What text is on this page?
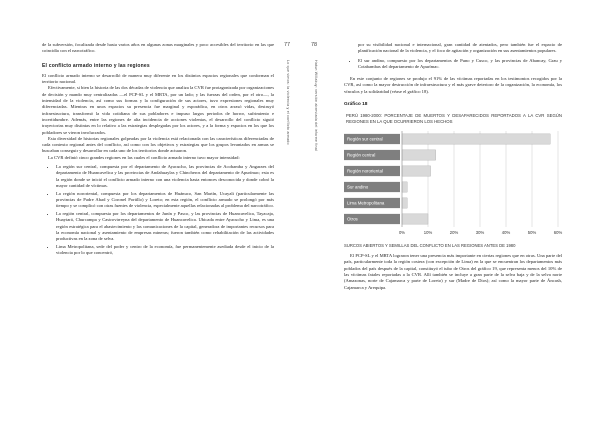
77
Lo que vimos: la violencia y el conflicto armado

de la subversión, focalizada desde hasta varios años en algunas zonas marginales y poco accesibles del territorio en las que coincidía con el narcotráfico.

El conflicto armado interno y las regiones

El conflicto armado interno se desarrolló de manera muy diferente en los distintos espacios regionales que conforman el territorio nacional.

Efectivamente, si bien la historia de las dos décadas de violencia que analiza la CVR fue protagonizada por organizaciones de decisión y mando muy centralizadas —el PCP-SL y el MRTA, por un lado; y las fuerzas del orden, por el otro—, la intensidad de la violencia, así como sus formas y la configuración de sus actores, tuvo expresiones regionales muy diferenciadas. Mientras en unos espacios su presencia fue marginal y esporádica, en otros arrasó vidas, destruyó infraestructura, transformó la vida cotidiana de sus pobladores e impuso largos periodos de horror, sufrimiento e incertidumbre. Además, entre las regiones de alta incidencia de acciones violentas, el desarrollo del conflicto siguió trayectorias muy distintas en lo relativo a las estrategias desplegadas por los actores, y a la forma y espacios en los que los pobladores se vieron involucrados.

Esta diversidad de historias regionales golpeadas por la violencia está relacionada con las características diferenciadas de cada contexto regional antes del conflicto, así como con los objetivos y estrategias que los grupos levantados en armas se buscaban conseguir y desarrollar en cada uno de los territorios donde actuaron.

La CVR definió cinco grandes regiones en las cuales el conflicto armado interno tuvo mayor intensidad:

• La región sur central, compuesta por el departamento de Ayacucho, las provincias de Acobamba y Angaraes del departamento de Huancavelica y las provincias de Andahuaylas y Chincheros del departamento de Apurímac; esta es la región donde se inició el conflicto armado interno con una violencia hasta entonces desconocida y donde cobró la mayor cantidad de víctimas.
• La región nororiental, compuesta por los departamentos de Huánuco, San Martín, Ucayali (particularmente las provincias de Padre Abad y Coronel Portillo) y Loreto; en esta región, el conflicto armado se prolongó por más tiempo y se complicó con otras fuentes de violencia, especialmente aquellas relacionadas al problema del narcotráfico.
• La región central, compuesta por los departamentos de Junín y Pasco, y las provincias de Huancavelica, Tayacaja, Huaytará, Churcampa y Castrovirreyna del departamento de Huancavelica. Ubicada entre Ayacucho y Lima, es una región estratégica para el abastecimiento y las comunicaciones de la capital, generadora de importantes recursos para la economía nacional y asentamiento de empresas mineras; fueron también como rehabilitación de las actividades productivas en la zona de selva.
• Lima Metropolitana, sede del poder y centro de la economía, fue permanentemente asediada desde el inicio de la violencia por lo que concentró,
78
Hatun Willakuy: versión abreviada del informe final

por su visibilidad nacional e internacional, gran cantidad de atentados, pero también fue el espacio de planificación nacional de la violencia, y el foco de agitación y organización en sus asentamientos populares.

• El sur andino, compuesto por los departamentos de Puno y Cusco, y las provincias de Abancay, Grau y Cotabambas del departamento de Apurímac.

En este conjunto de regiones se produjo el 91% de las víctimas reportadas en los testimonios recogidos por la CVR, así como la mayor destrucción de infraestructura y el más grave deterioro de la organización, la economía, los vínculos y la solidaridad (véase el gráfico 18).

Gráfico 18
PERÚ 1980-2000: PORCENTAJE DE MUERTOS Y DESAPARECIDOS REPORTADOS A LA CVR SEGÚN REGIONES EN LA QUE OCURRIERON LOS HECHOS
0%	10%	20%	30%	40%	50%	60%
Región sur central
Región central
Región nororiental
Sur andino
Lima Metropolitana
Otros
SURCOS ABIERTOS Y SEMILLAS DEL CONFLICTO EN LAS REGIONES ANTES DE 1980

El PCP-SL y el MRTA lograron tener una presencia más importante en ciertas regiones que en otras. Una parte del país, particularmente toda la región costera (con excepción de Lima) en la que se encuentran los departamentos más poblados del país después de la capital, constituyó el tubo de Otros del gráfico 19, que representa menos del 10% de las víctimas fatales reportadas a la CVR. Allí también se incluye a gran parte de la selva baja y de la selva norte (Amazonas, norte de Cajamarca y parte de Loreto) y sur (Madre de Dios); así como la mayor parte de Áncash, Cajamarca y Arequipa.
